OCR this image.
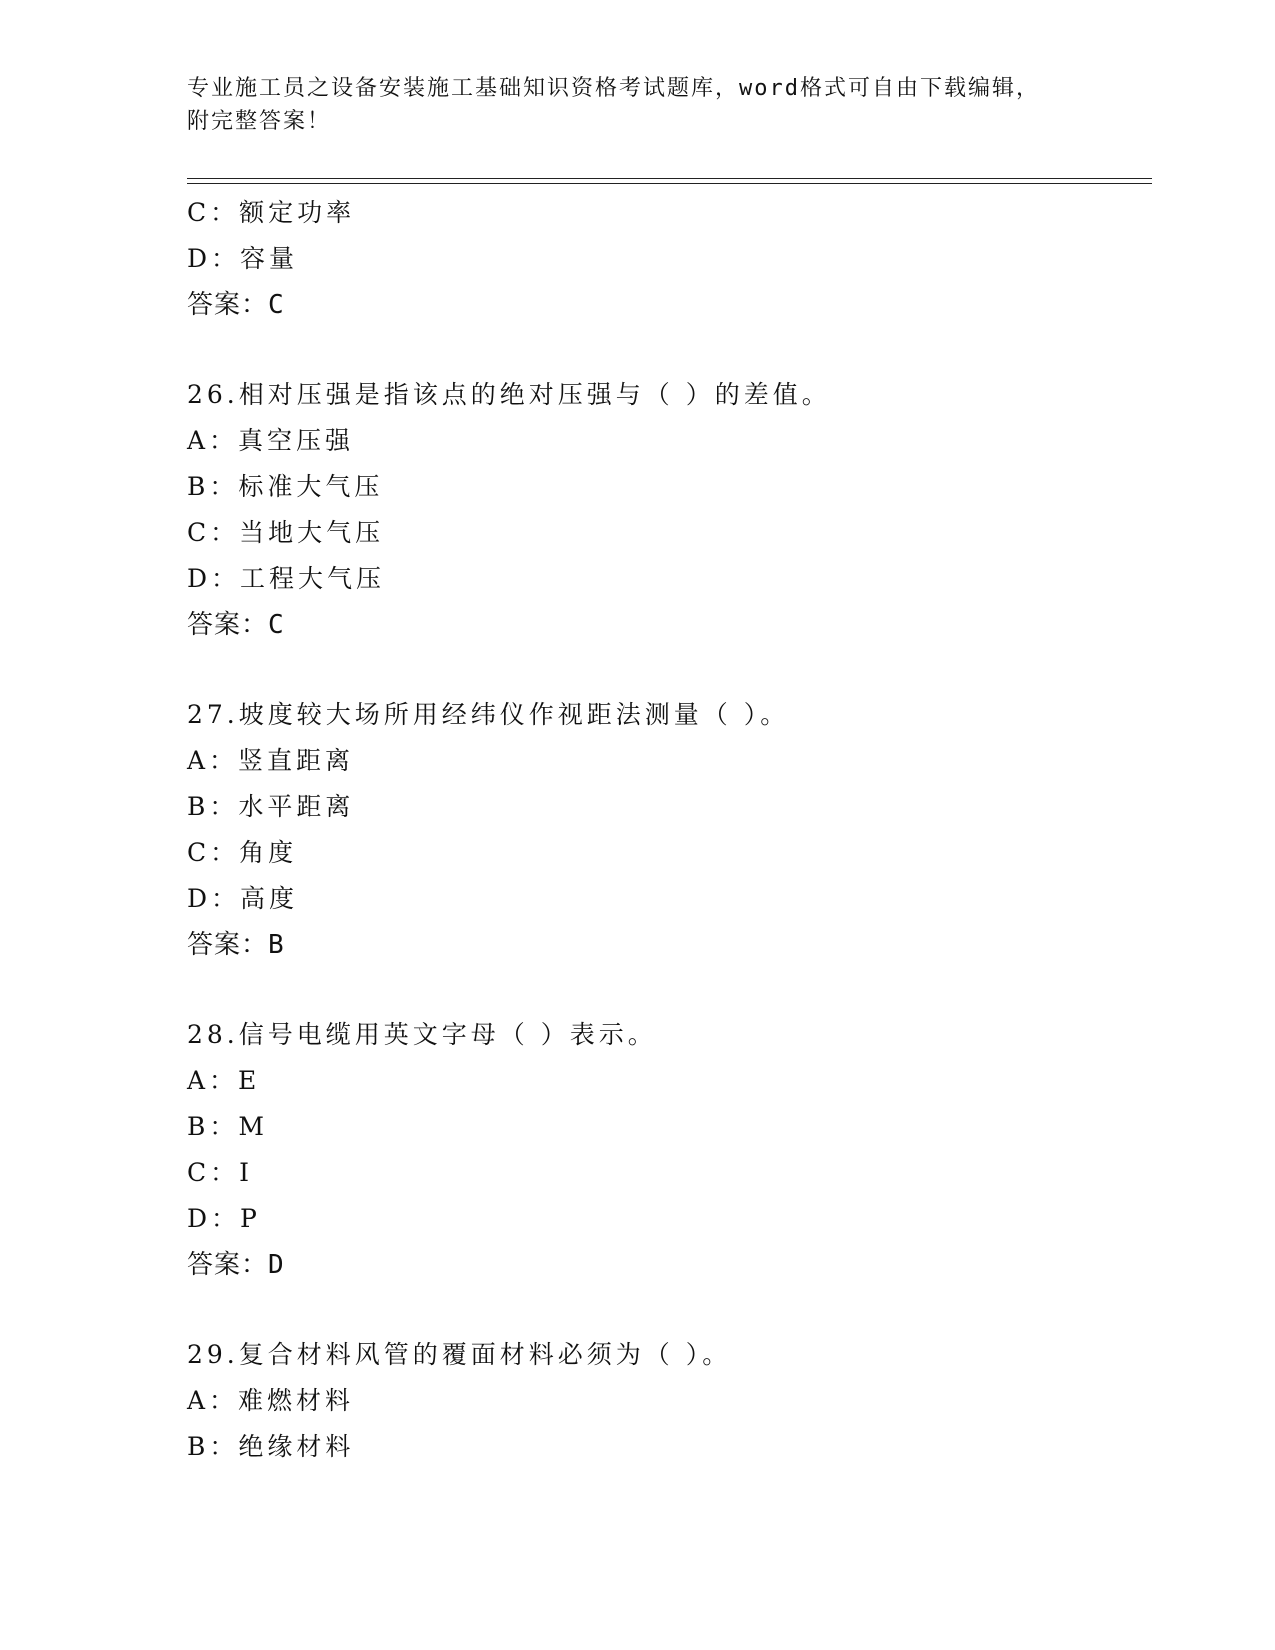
专业施工员之设备安装施工基础知识资格考试题库，word格式可自由下载编辑，
附完整答案！
C：额定功率
D：容量
答案：C
26.相对压强是指该点的绝对压强与（ ）的差值。
A：真空压强
B：标准大气压
C：当地大气压
D：工程大气压
答案：C
27.坡度较大场所用经纬仪作视距法测量（ ）。
A：竖直距离
B：水平距离
C：角度
D：高度
答案：B
28.信号电缆用英文字母（ ）表示。
A：E
B：M
C：I
D：P
答案：D
29.复合材料风管的覆面材料必须为（ ）。
A：难燃材料
B：绝缘材料
